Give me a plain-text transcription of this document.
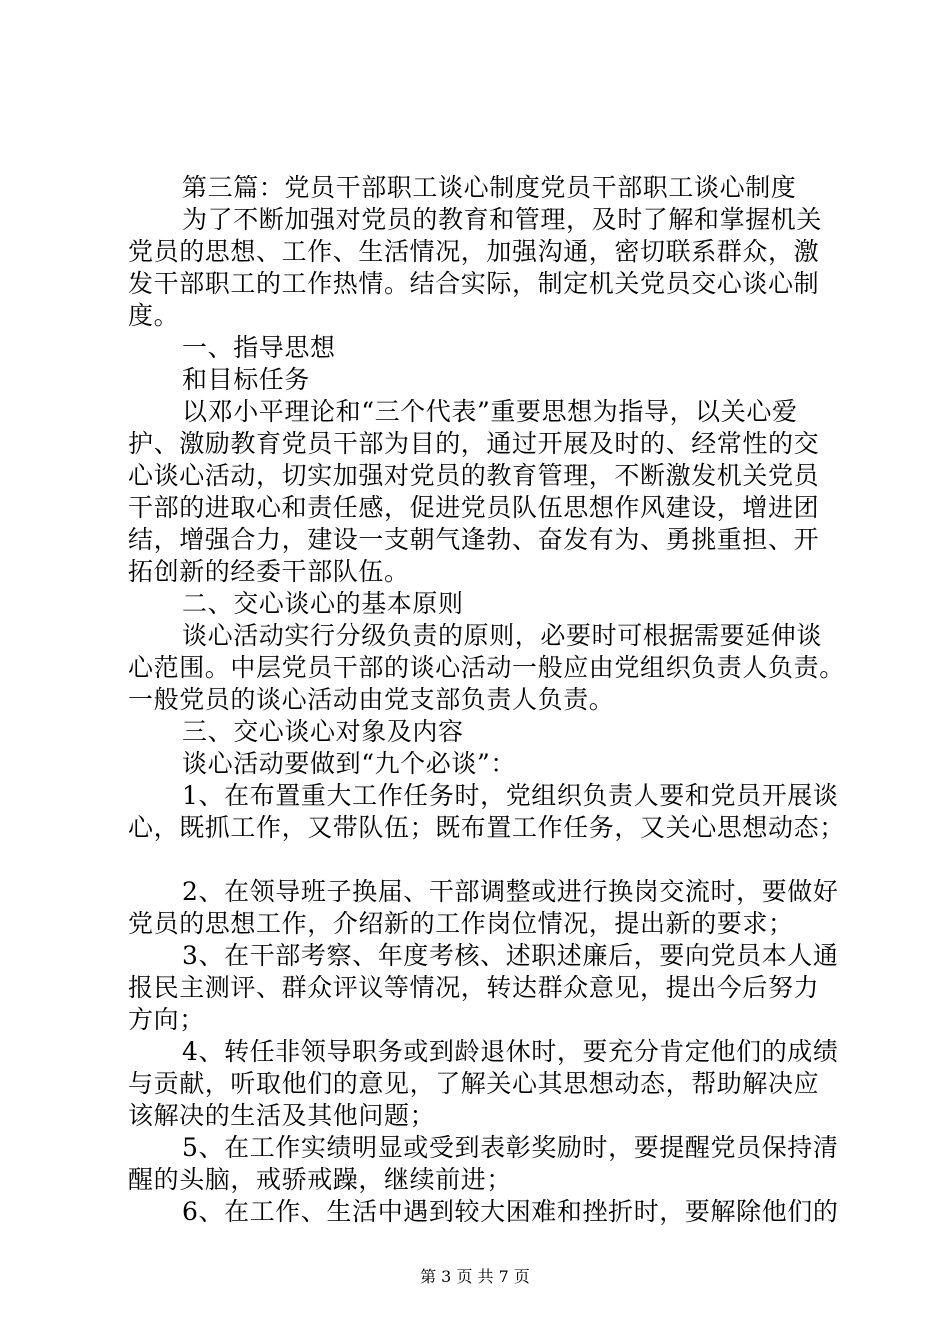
第三篇：党员干部职工谈心制度党员干部职工谈心制度
为了不断加强对党员的教育和管理，及时了解和掌握机关
党员的思想、工作、生活情况，加强沟通，密切联系群众，激
发干部职工的工作热情。结合实际，制定机关党员交心谈心制
度。
一、指导思想
和目标任务
以邓小平理论和“三个代表”重要思想为指导，以关心爱
护、激励教育党员干部为目的，通过开展及时的、经常性的交
心谈心活动，切实加强对党员的教育管理，不断激发机关党员
干部的进取心和责任感，促进党员队伍思想作风建设，增进团
结，增强合力，建设一支朝气逢勃、奋发有为、勇挑重担、开
拓创新的经委干部队伍。
二、交心谈心的基本原则
谈心活动实行分级负责的原则，必要时可根据需要延伸谈
心范围。中层党员干部的谈心活动一般应由党组织负责人负责。
一般党员的谈心活动由党支部负责人负责。
三、交心谈心对象及内容
谈心活动要做到“九个必谈”：
1、在布置重大工作任务时，党组织负责人要和党员开展谈
心，既抓工作，又带队伍；既布置工作任务，又关心思想动态；
2、在领导班子换届、干部调整或进行换岗交流时，要做好
党员的思想工作，介绍新的工作岗位情况，提出新的要求；
3、在干部考察、年度考核、述职述廉后，要向党员本人通
报民主测评、群众评议等情况，转达群众意见，提出今后努力
方向；
4、转任非领导职务或到龄退休时，要充分肯定他们的成绩
与贡献，听取他们的意见，了解关心其思想动态，帮助解决应
该解决的生活及其他问题；
5、在工作实绩明显或受到表彰奖励时，要提醒党员保持清
醒的头脑，戒骄戒躁，继续前进；
6、在工作、生活中遇到较大困难和挫折时，要解除他们的
第 3 页 共 7 页
